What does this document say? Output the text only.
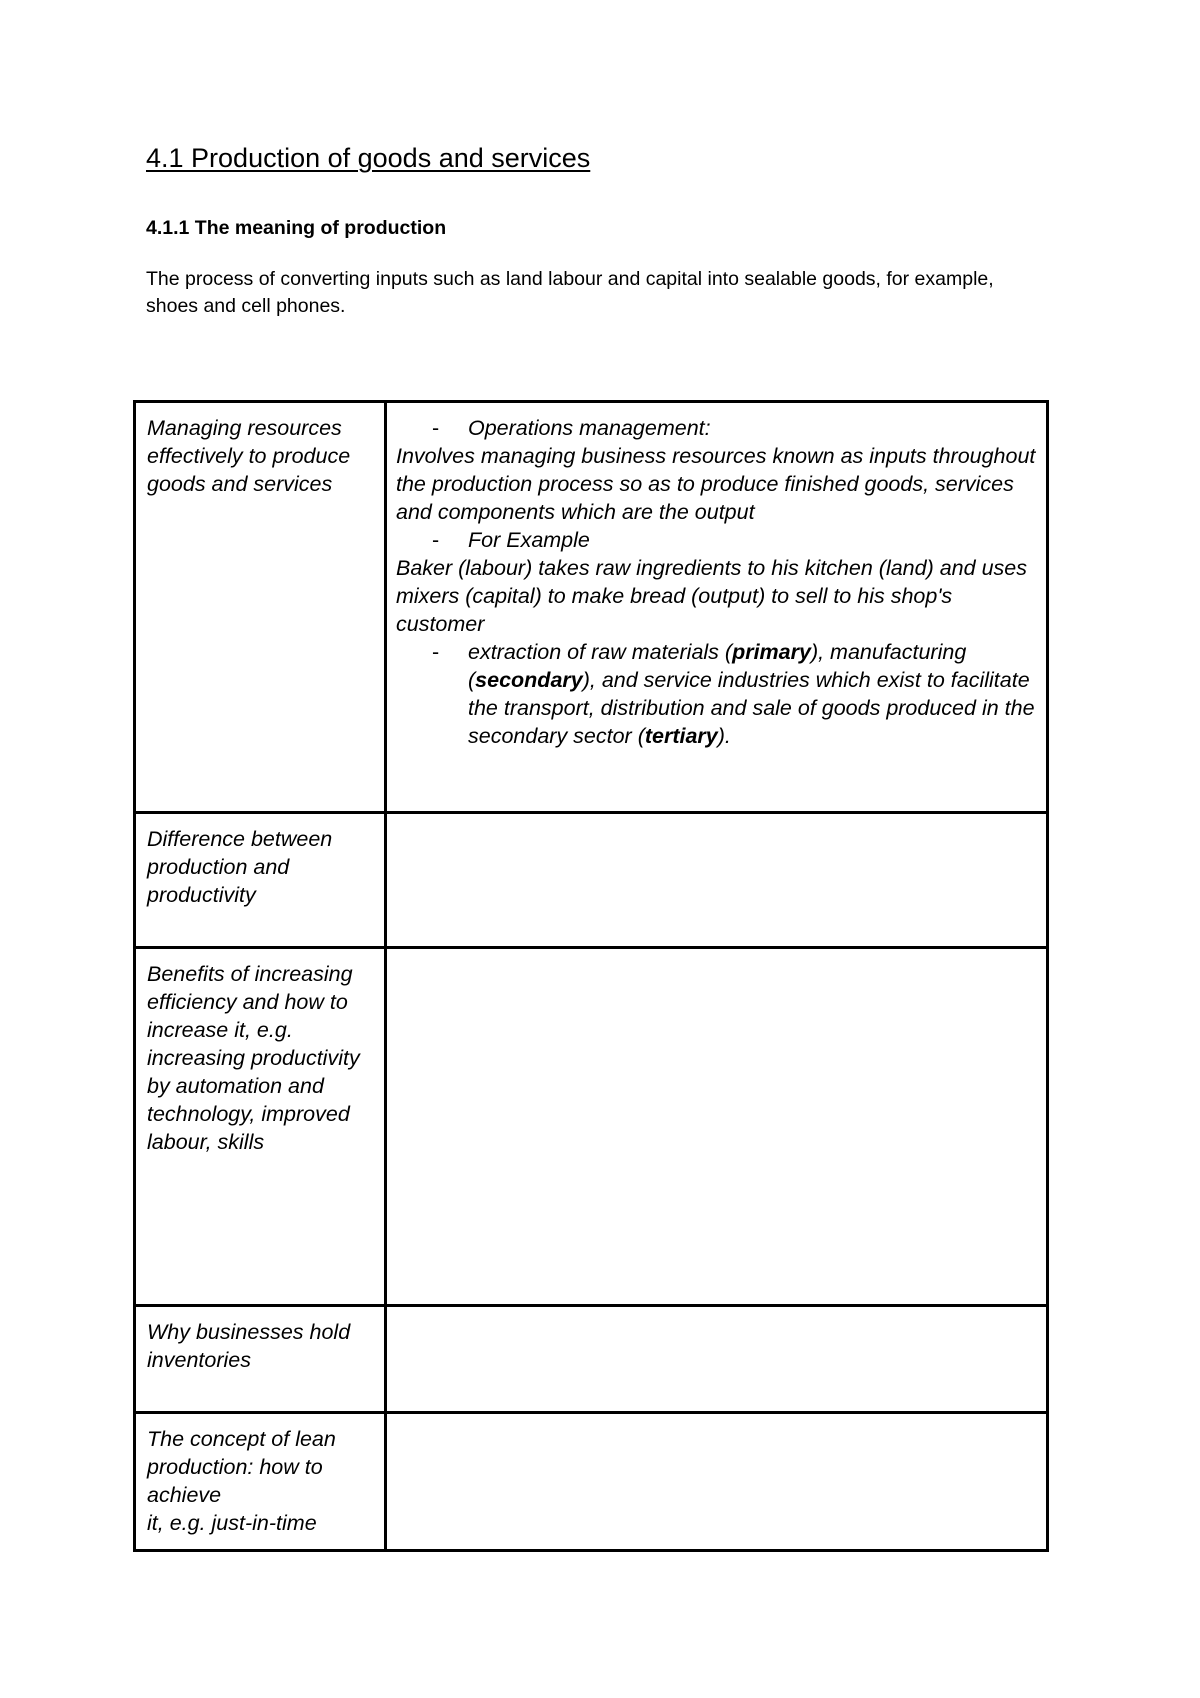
4.1 Production of goods and services
4.1.1 The meaning of production
The process of converting inputs such as land labour and capital into sealable goods, for example, shoes and cell phones.
Managing resources effectively to produce goods and services
- Operations management:
Involves managing business resources known as inputs throughout the production process so as to produce finished goods, services and components which are the output
- For Example
Baker (labour) takes raw ingredients to his kitchen (land) and uses mixers (capital) to make bread (output) to sell to his shop's customer
- extraction of raw materials (primary), manufacturing (secondary), and service industries which exist to facilitate the transport, distribution and sale of goods produced in the secondary sector (tertiary).
Difference between production and productivity
Benefits of increasing efficiency and how to increase it, e.g. increasing productivity by automation and technology, improved labour, skills
Why businesses hold inventories
The concept of lean production: how to achieve
it, e.g. just-in-time
